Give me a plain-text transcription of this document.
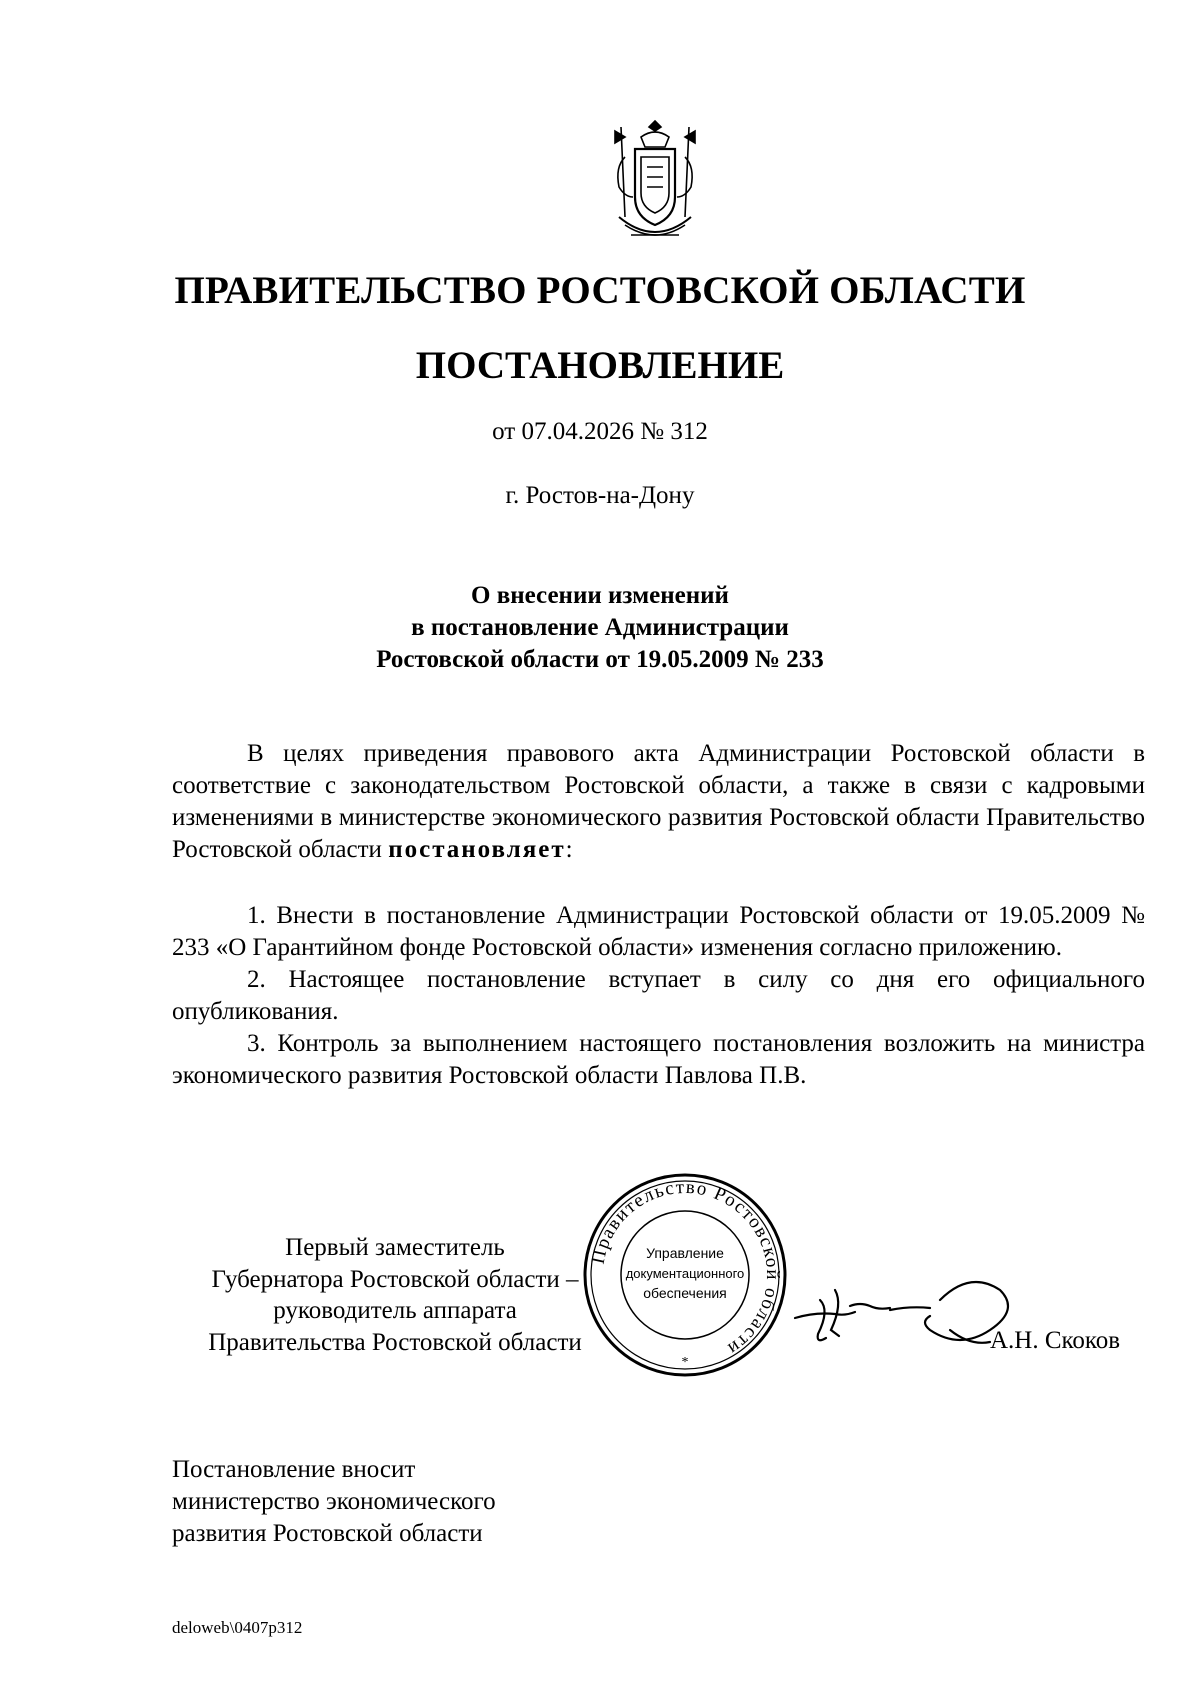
ПРАВИТЕЛЬСТВО РОСТОВСКОЙ ОБЛАСТИ
ПОСТАНОВЛЕНИЕ
от 07.04.2026 № 312
г. Ростов-на-Дону
О внесении изменений
в постановление Администрации
Ростовской области от 19.05.2009 № 233

В целях приведения правового акта Администрации Ростовской области в соответствие с законодательством Ростовской области, а также в связи с кадровыми изменениями в министерстве экономического развития Ростовской области Правительство Ростовской области постановляет:

1. Внести в постановление Администрации Ростовской области от 19.05.2009 № 233 «О Гарантийном фонде Ростовской области» изменения согласно приложению.

2. Настоящее постановление вступает в силу со дня его официального опубликования.

3. Контроль за выполнением настоящего постановления возложить на министра экономического развития Ростовской области Павлова П.В.

Первый заместитель
Губернатора Ростовской области –
руководитель аппарата
Правительства Ростовской области
Правительство Ростовской области
Управление
документационного
обеспечения
*
А.Н. Скоков
Постановление вносит
министерство экономического
развития Ростовской области
deloweb\0407p312
